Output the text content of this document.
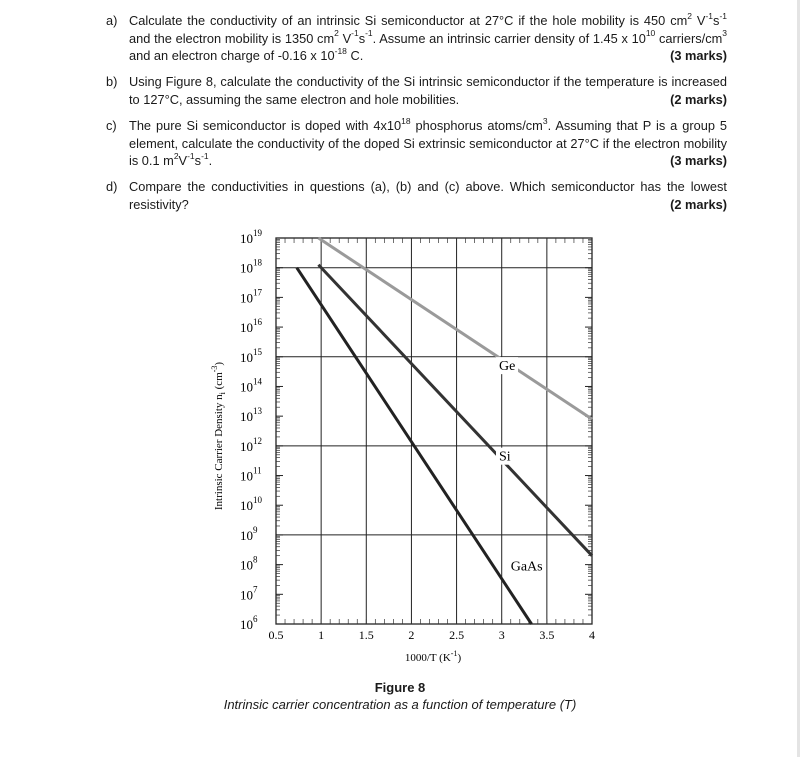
a) Calculate the conductivity of an intrinsic Si semiconductor at 27°C if the hole mobility is 450 $cm^2$ $V^{-1}s^{-1}$ and the electron mobility is 1350 $cm^2$ $V^{-1}s^{-1}$. Assume an intrinsic carrier density of 1.45 x $10^{10}$ carriers/$cm^3$ and an electron charge of -0.16 x $10^{-18}$ C.	(3 marks)
b) Using Figure 8, calculate the conductivity of the Si intrinsic semiconductor if the temperature is increased to 127°C, assuming the same electron and hole mobilities.	(2 marks)
c) The pure Si semiconductor is doped with $4x10^{18}$ phosphorus atoms/$cm^3$. Assuming that P is a group 5 element, calculate the conductivity of the doped Si extrinsic semiconductor at 27°C if the electron mobility is 0.1 $m^2V^{-1}s^{-1}$.	(3 marks)
d) Compare the conductivities in questions (a), (b) and (c) above. Which semiconductor has the lowest resistivity?	(2 marks)
0.5	1	1.5	2	2.5	3	3.5	4
$10^{19}$
$10^{18}$
$10^{17}$
$10^{16}$
$10^{15}$
$10^{14}$
$10^{13}$
$10^{12}$
$10^{11}$
$10^{10}$
$10^9$
$10^8$
$10^7$
$10^6$
Ge
Si
GaAs
1000/T $(K^{-1})$
Intrinsic Carrier Density $n_i$ $(cm^{-3})$
Figure 8
Intrinsic carrier concentration as a function of temperature (T)
